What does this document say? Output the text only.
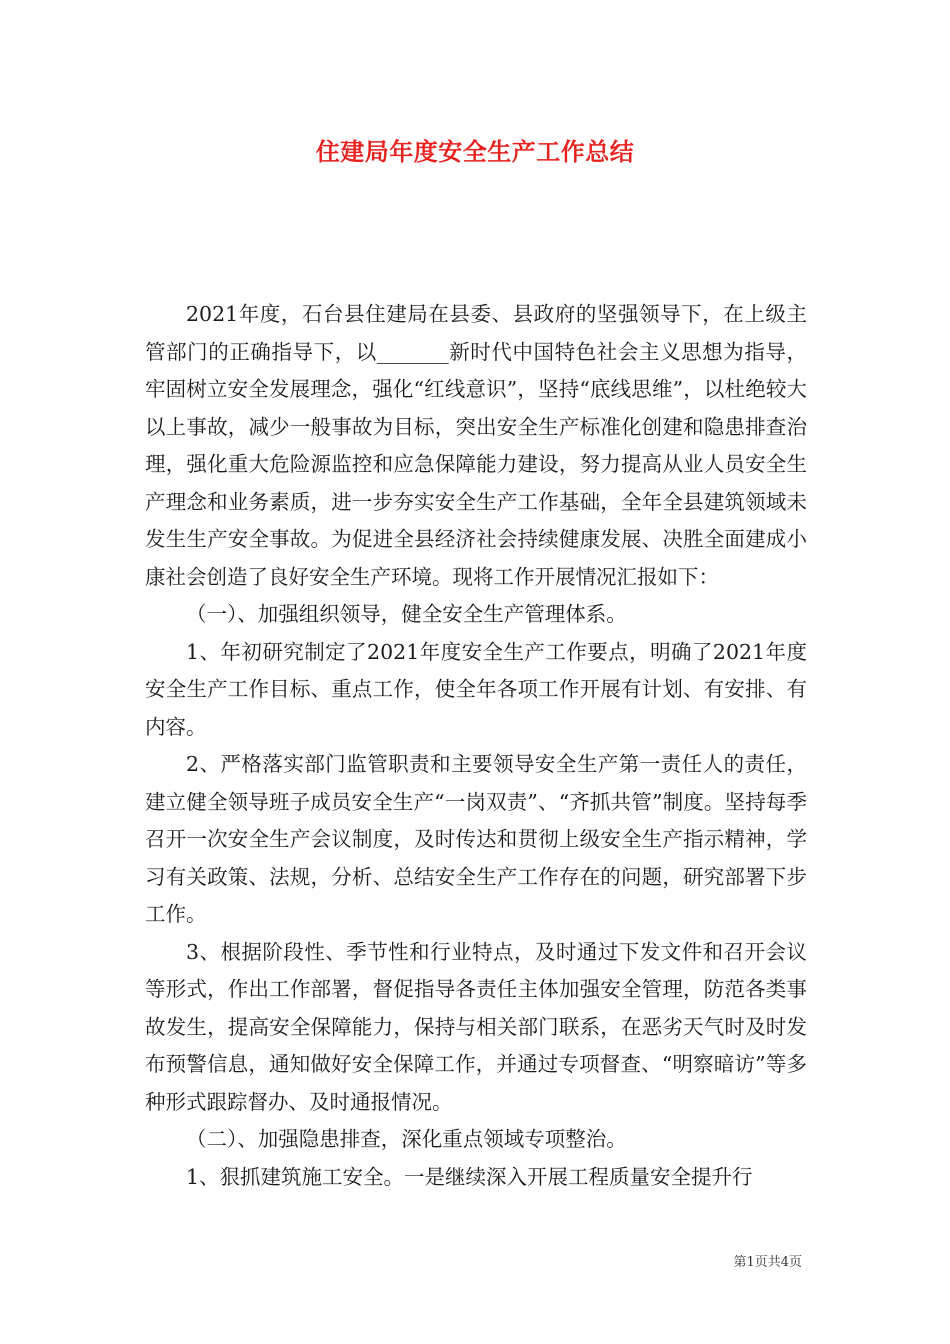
住建局年度安全生产工作总结

2021年度，石台县住建局在县委、县政府的坚强领导下，在上级主管部门的正确指导下，以_______新时代中国特色社会主义思想为指导，牢固树立安全发展理念，强化“红线意识”，坚持“底线思维”，以杜绝较大以上事故，减少一般事故为目标，突出安全生产标准化创建和隐患排查治理，强化重大危险源监控和应急保障能力建设，努力提高从业人员安全生产理念和业务素质，进一步夯实安全生产工作基础，全年全县建筑领域未发生生产安全事故。为促进全县经济社会持续健康发展、决胜全面建成小康社会创造了良好安全生产环境。现将工作开展情况汇报如下：

（一）、加强组织领导，健全安全生产管理体系。

1、年初研究制定了2021年度安全生产工作要点，明确了2021年度安全生产工作目标、重点工作，使全年各项工作开展有计划、有安排、有内容。

2、严格落实部门监管职责和主要领导安全生产第一责任人的责任，建立健全领导班子成员安全生产“一岗双责”、“齐抓共管”制度。坚持每季召开一次安全生产会议制度，及时传达和贯彻上级安全生产指示精神，学习有关政策、法规，分析、总结安全生产工作存在的问题，研究部署下步工作。

3、根据阶段性、季节性和行业特点，及时通过下发文件和召开会议等形式，作出工作部署，督促指导各责任主体加强安全管理，防范各类事故发生，提高安全保障能力，保持与相关部门联系，在恶劣天气时及时发布预警信息，通知做好安全保障工作，并通过专项督查、“明察暗访”等多种形式跟踪督办、及时通报情况。

（二）、加强隐患排查，深化重点领域专项整治。

1、狠抓建筑施工安全。一是继续深入开展工程质量安全提升行

第1页共4页
